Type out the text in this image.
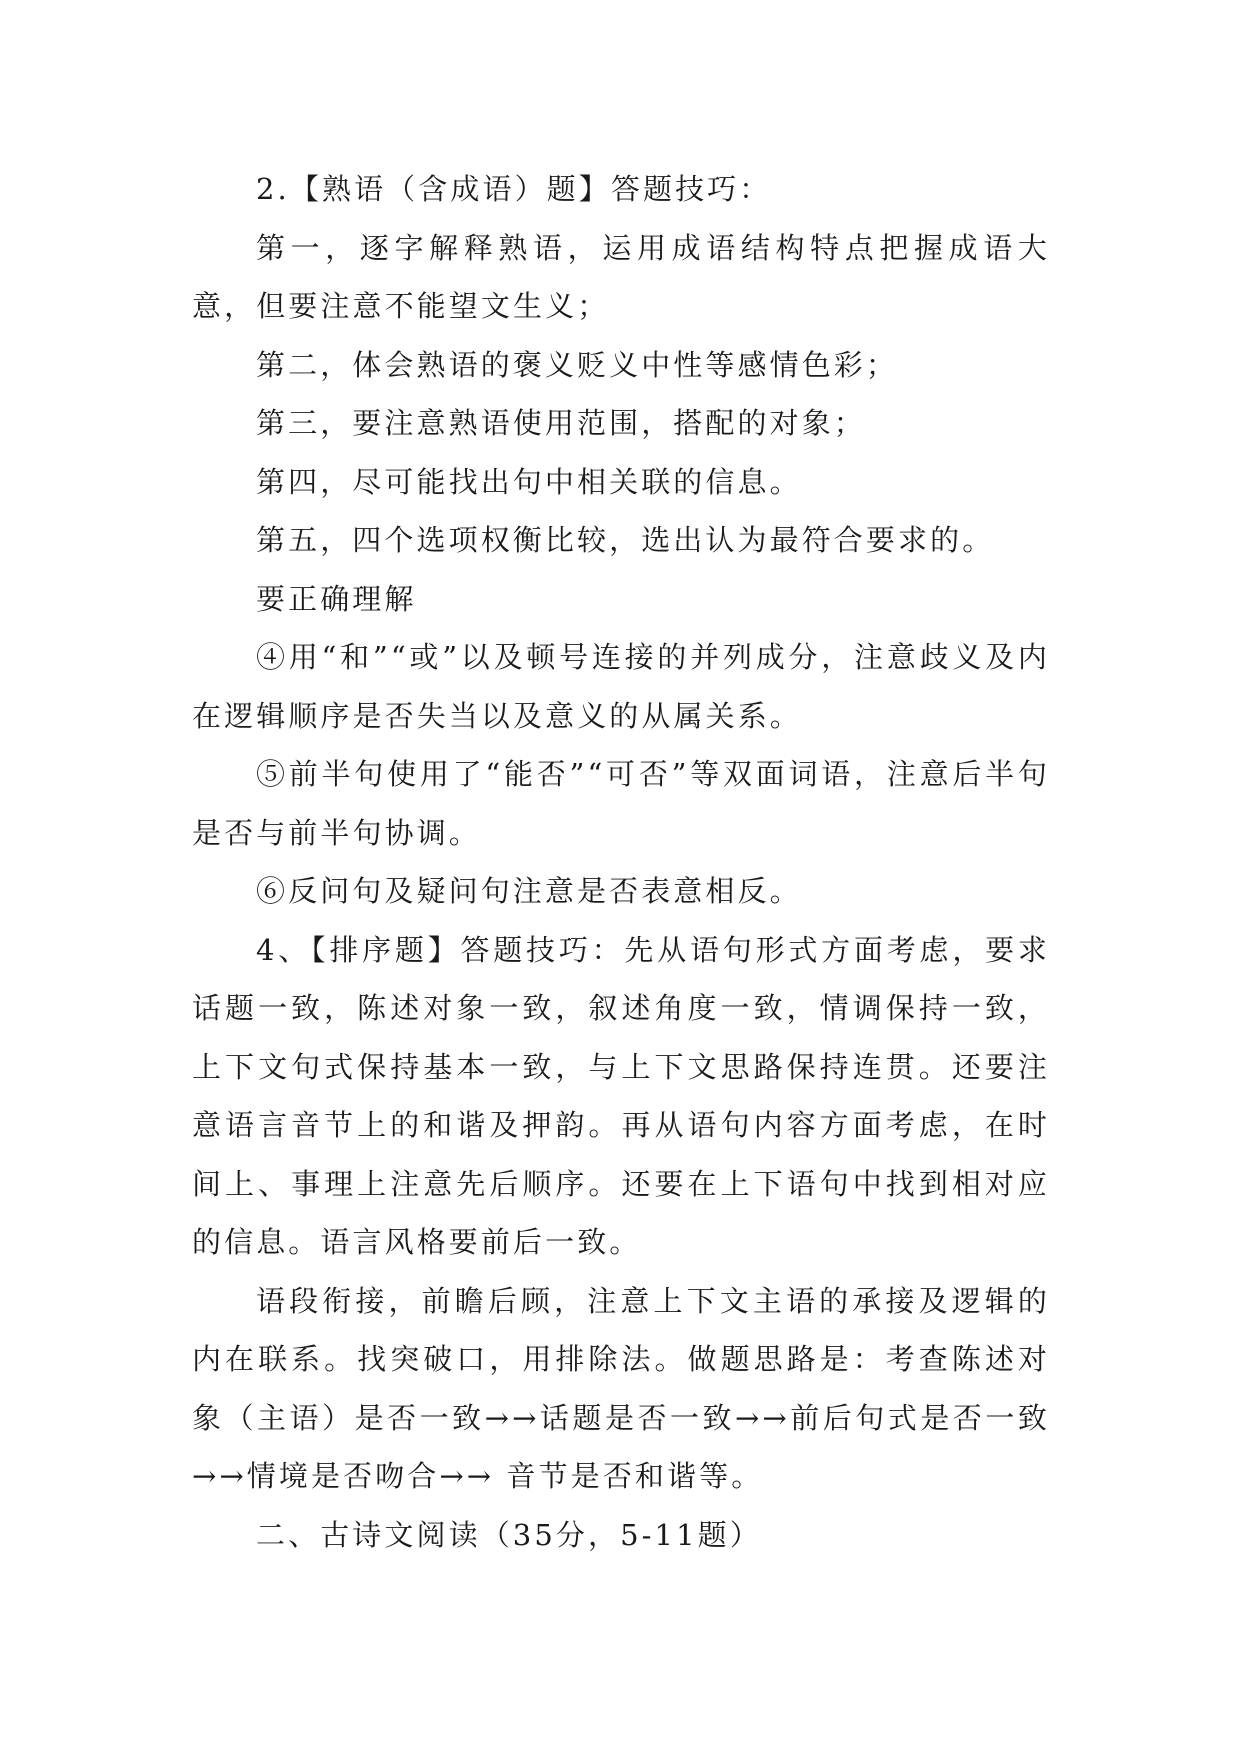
2.【熟语（含成语）题】答题技巧：

第一，逐字解释熟语，运用成语结构特点把握成语大意，但要注意不能望文生义；

第二，体会熟语的褒义贬义中性等感情色彩；

第三，要注意熟语使用范围，搭配的对象；

第四，尽可能找出句中相关联的信息。

第五，四个选项权衡比较，选出认为最符合要求的。

要正确理解

④用“和”“或”以及顿号连接的并列成分，注意歧义及内在逻辑顺序是否失当以及意义的从属关系。

⑤前半句使用了“能否”“可否”等双面词语，注意后半句是否与前半句协调。

⑥反问句及疑问句注意是否表意相反。

4、【排序题】答题技巧：先从语句形式方面考虑，要求话题一致，陈述对象一致，叙述角度一致，情调保持一致，上下文句式保持基本一致，与上下文思路保持连贯。还要注意语言音节上的和谐及押韵。再从语句内容方面考虑，在时间上、事理上注意先后顺序。还要在上下语句中找到相对应的信息。语言风格要前后一致。

语段衔接，前瞻后顾，注意上下文主语的承接及逻辑的内在联系。找突破口，用排除法。做题思路是：考查陈述对象（主语）是否一致→→话题是否一致→→前后句式是否一致→→情境是否吻合→→ 音节是否和谐等。

二、古诗文阅读（35分，5-11题）
